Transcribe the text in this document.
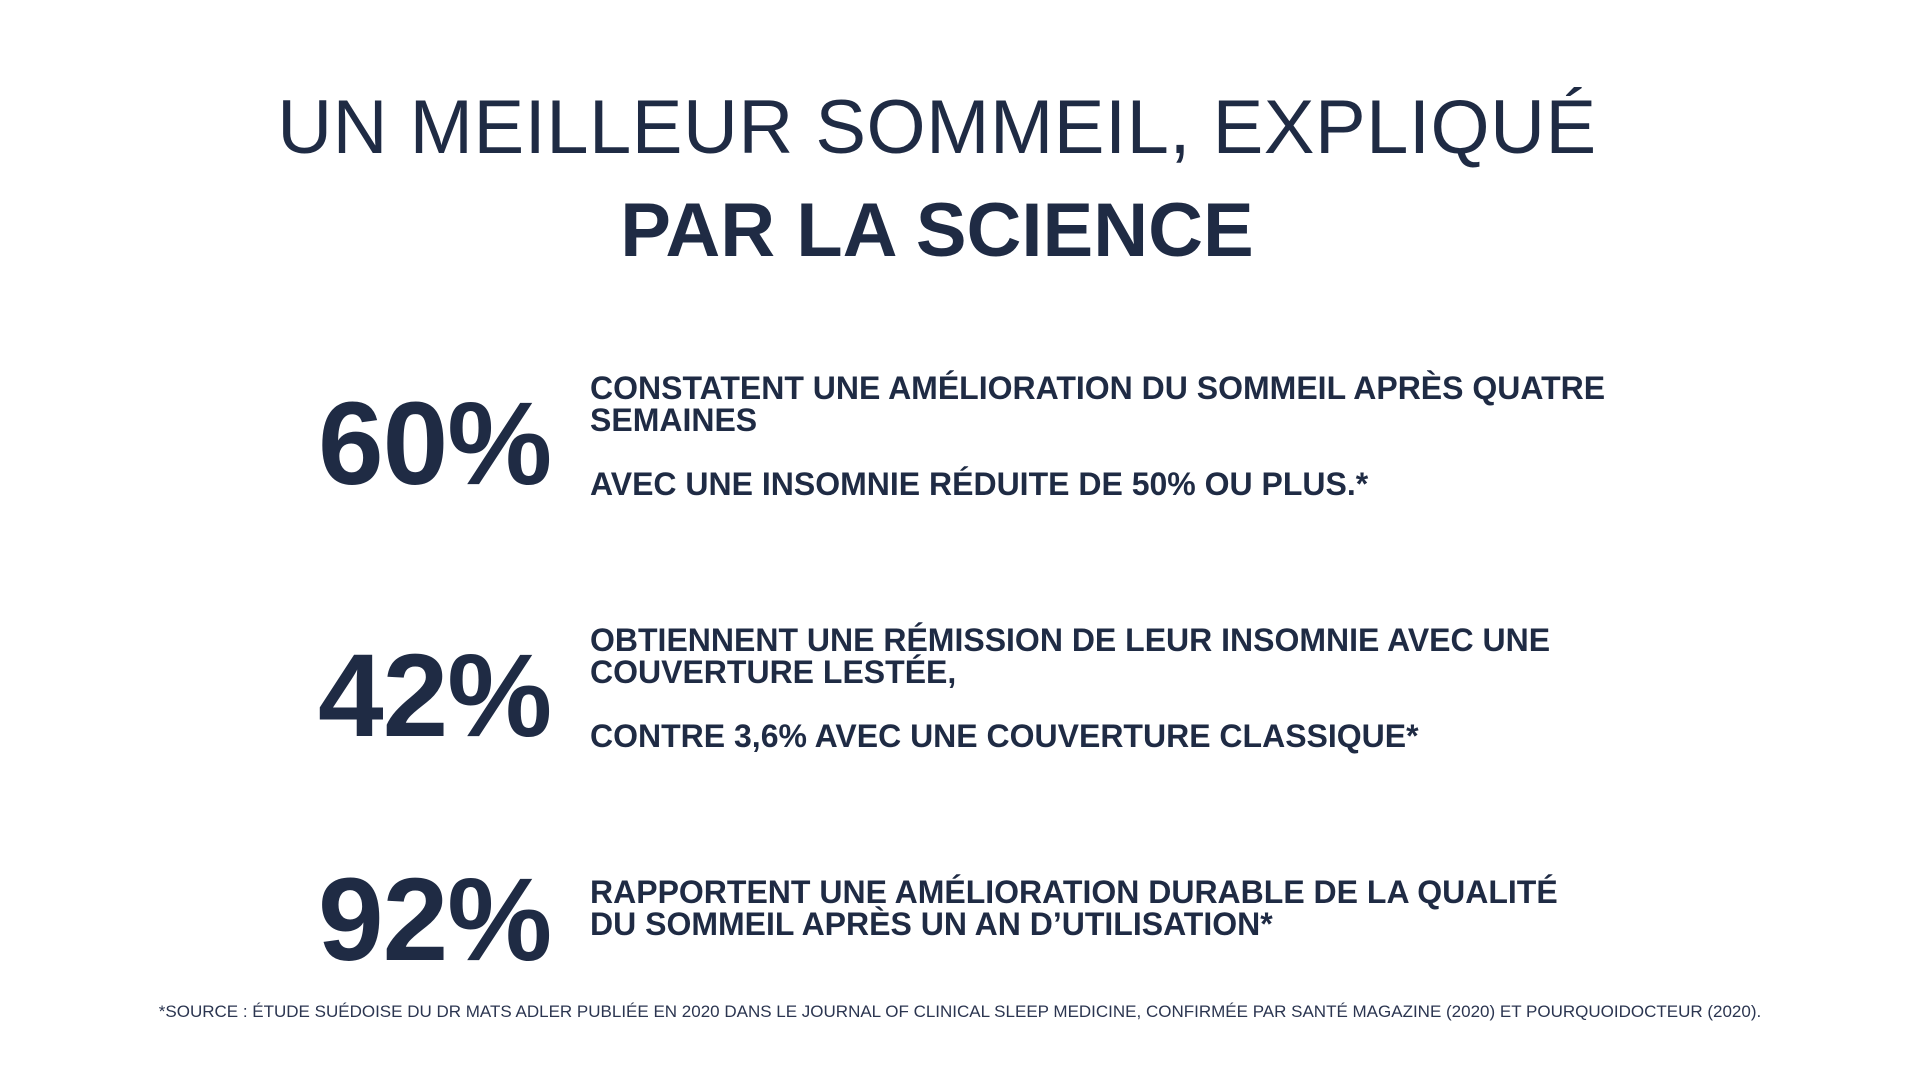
UN MEILLEUR SOMMEIL, EXPLIQUÉ
PAR LA SCIENCE
60% CONSTATENT UNE AMÉLIORATION DU SOMMEIL APRÈS QUATRE SEMAINES

AVEC UNE INSOMNIE RÉDUITE DE 50% OU PLUS.*

42% OBTIENNENT UNE RÉMISSION DE LEUR INSOMNIE AVEC UNE COUVERTURE LESTÉE,

CONTRE 3,6% AVEC UNE COUVERTURE CLASSIQUE*

92% RAPPORTENT UNE AMÉLIORATION DURABLE DE LA QUALITÉ DU SOMMEIL APRÈS UN AN D’UTILISATION*

*SOURCE : ÉTUDE SUÉDOISE DU DR MATS ADLER PUBLIÉE EN 2020 DANS LE JOURNAL OF CLINICAL SLEEP MEDICINE, CONFIRMÉE PAR SANTÉ MAGAZINE (2020) ET POURQUOIDOCTEUR (2020).
